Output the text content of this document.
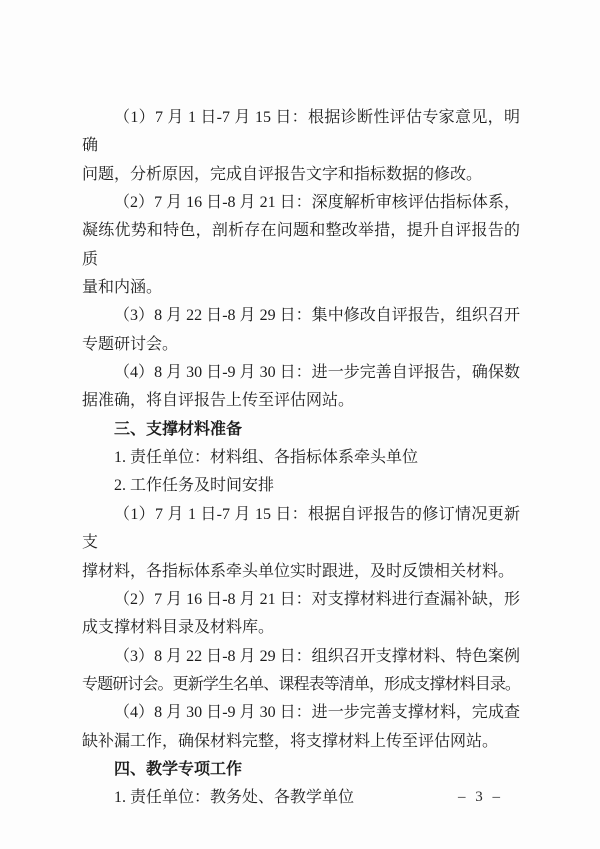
（1）7 月 1 日-7 月 15 日：根据诊断性评估专家意见，明确
问题，分析原因，完成自评报告文字和指标数据的修改。
（2）7 月 16 日-8 月 21 日：深度解析审核评估指标体系，
凝练优势和特色，剖析存在问题和整改举措，提升自评报告的质
量和内涵。
（3）8 月 22 日-8 月 29 日：集中修改自评报告，组织召开
专题研讨会。
（4）8 月 30 日-9 月 30 日：进一步完善自评报告，确保数
据准确，将自评报告上传至评估网站。
三、支撑材料准备
1. 责任单位：材料组、各指标体系牵头单位
2. 工作任务及时间安排
（1）7 月 1 日-7 月 15 日：根据自评报告的修订情况更新支
撑材料，各指标体系牵头单位实时跟进，及时反馈相关材料。
（2）7 月 16 日-8 月 21 日：对支撑材料进行查漏补缺，形
成支撑材料目录及材料库。
（3）8 月 22 日-8 月 29 日：组织召开支撑材料、特色案例
专题研讨会。更新学生名单、课程表等清单，形成支撑材料目录。
（4）8 月 30 日-9 月 30 日：进一步完善支撑材料，完成查
缺补漏工作，确保材料完整，将支撑材料上传至评估网站。
四、教学专项工作
1. 责任单位：教务处、各教学单位	– 3 –
